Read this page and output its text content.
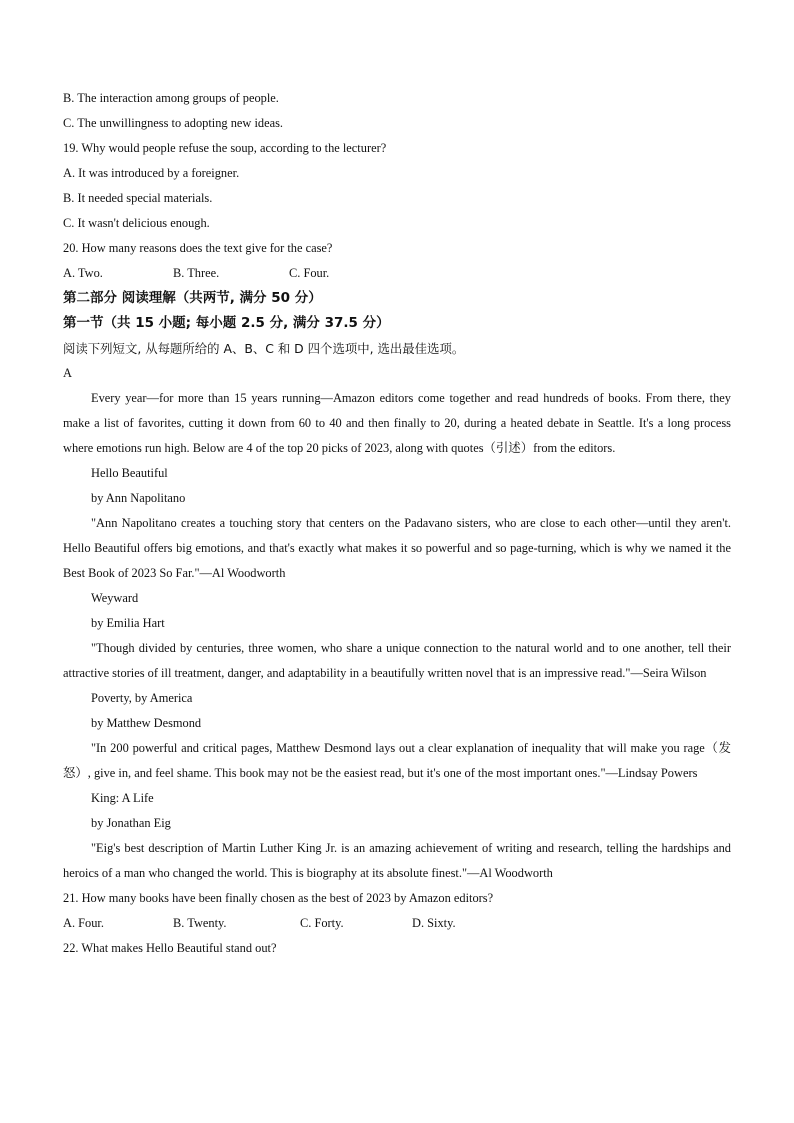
B. The interaction among groups of people.
C. The unwillingness to adopting new ideas.
19. Why would people refuse the soup, according to the lecturer?
A. It was introduced by a foreigner.
B. It needed special materials.
C. It wasn't delicious enough.
20. How many reasons does the text give for the case?
A. Two.	B. Three.	C. Four.
第二部分 阅读理解（共两节, 满分 50 分）
第一节（共 15 小题; 每小题 2.5 分, 满分 37.5 分）
阅读下列短文, 从每题所给的 A、B、C 和 D 四个选项中, 选出最佳选项。
A

Every year—for more than 15 years running—Amazon editors come together and read hundreds of books. From there, they make a list of favorites, cutting it down from 60 to 40 and then finally to 20, during a heated debate in Seattle. It's a long process where emotions run high. Below are 4 of the top 20 picks of 2023, along with quotes（引述）from the editors.

Hello Beautiful
by Ann Napolitano

"Ann Napolitano creates a touching story that centers on the Padavano sisters, who are close to each other—until they aren't. Hello Beautiful offers big emotions, and that's exactly what makes it so powerful and so page-turning, which is why we named it the Best Book of 2023 So Far."—Al Woodworth

Weyward
by Emilia Hart

"Though divided by centuries, three women, who share a unique connection to the natural world and to one another, tell their attractive stories of ill treatment, danger, and adaptability in a beautifully written novel that is an impressive read."—Seira Wilson

Poverty, by America
by Matthew Desmond

"In 200 powerful and critical pages, Matthew Desmond lays out a clear explanation of inequality that will make you rage（发怒）, give in, and feel shame. This book may not be the easiest read, but it's one of the most important ones."—Lindsay Powers

King: A Life
by Jonathan Eig

"Eig's best description of Martin Luther King Jr. is an amazing achievement of writing and research, telling the hardships and heroics of a man who changed the world. This is biography at its absolute finest."—Al Woodworth

21. How many books have been finally chosen as the best of 2023 by Amazon editors?
A. Four.	B. Twenty.	C. Forty.	D. Sixty.
22. What makes Hello Beautiful stand out?
